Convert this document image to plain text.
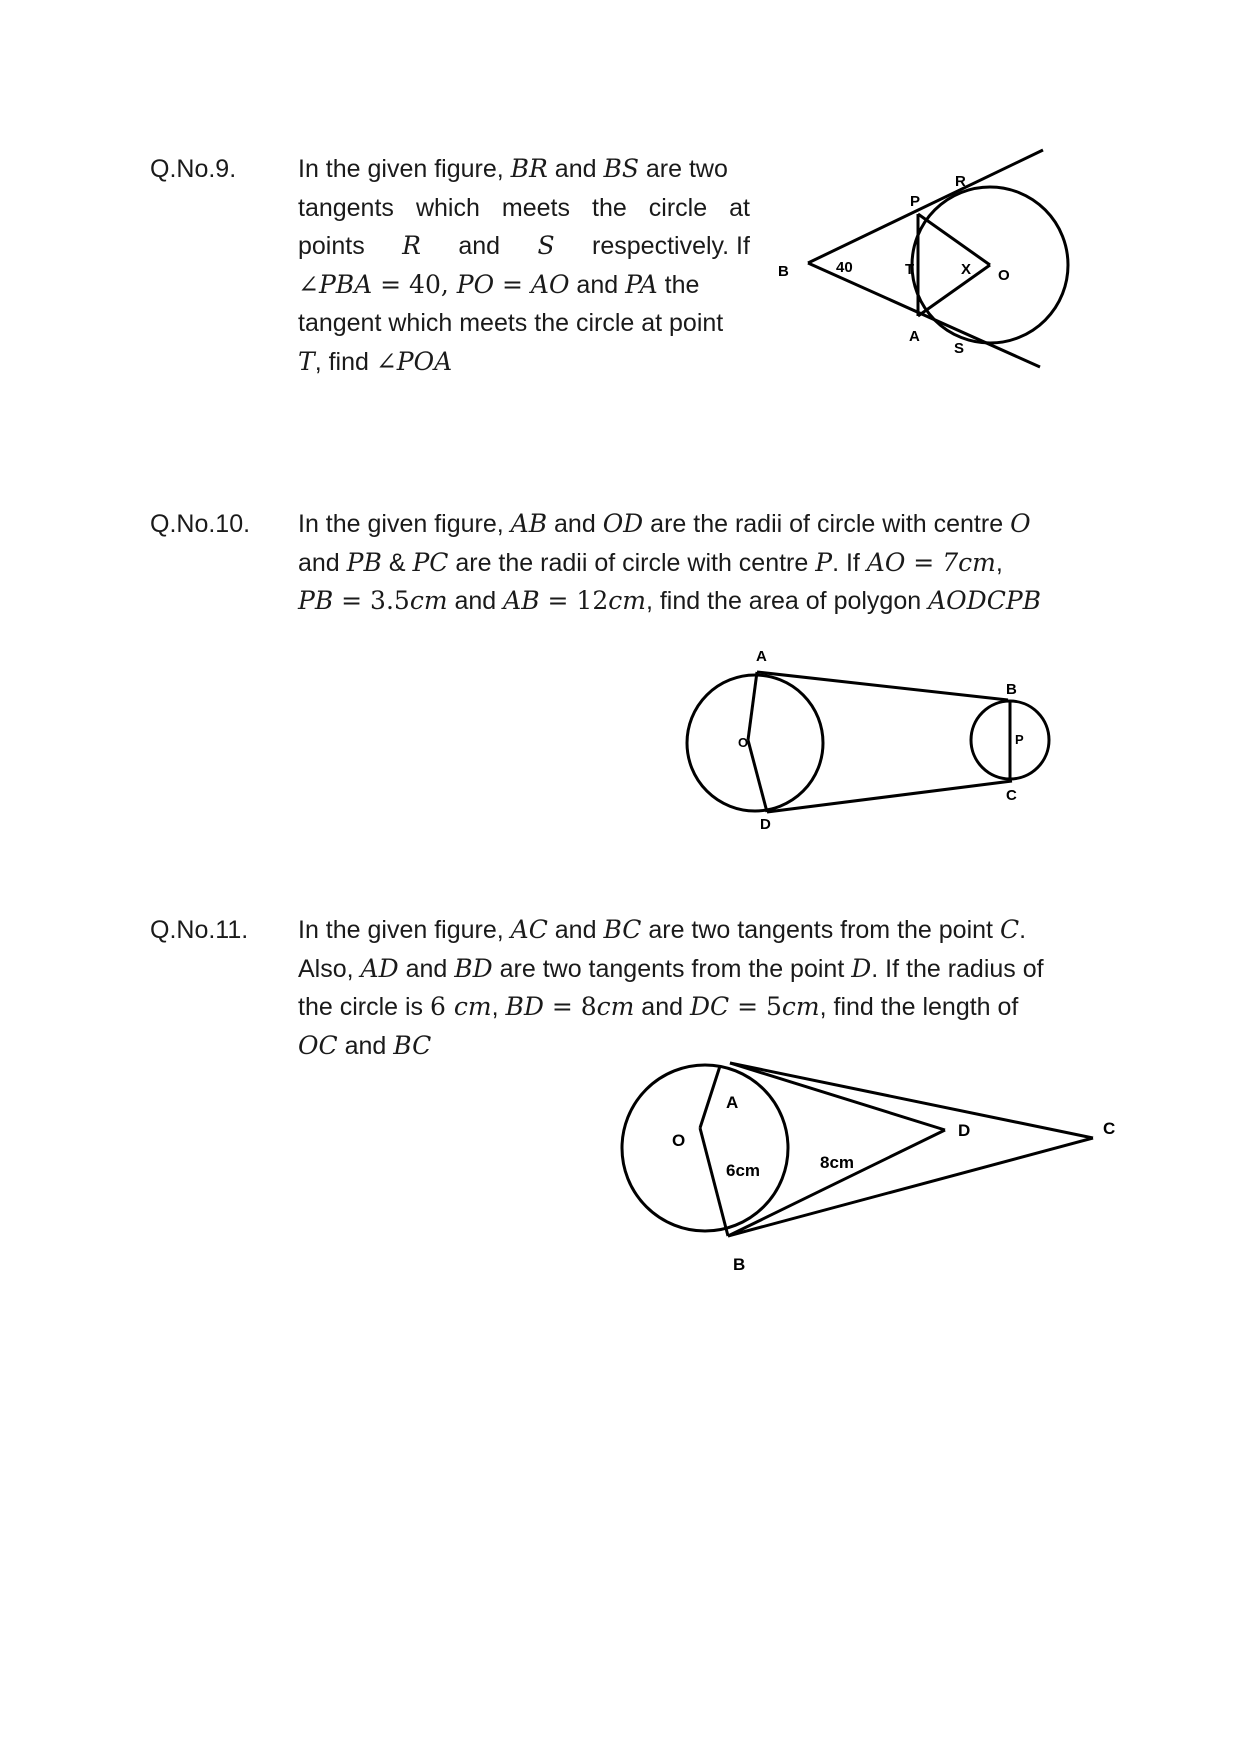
Q.No.9. In the given figure, BR and BS are two
tangents which meets the circle at
points R and S respectively. If
∠PBA = 40, PO = AO and PA the
tangent which meets the circle at point
T, find ∠POA
B	40
P
R
T	X O
A
S
Q.No.10. In the given figure, AB and OD are the radii of circle with centre O
and PB & PC are the radii of circle with centre P. If AO = 7cm,
PB = 3.5cm and AB = 12cm, find the area of polygon AODCPB
A
O
D
B
P
C
Q.No.11. In the given figure, AC and BC are two tangents from the point C.
Also, AD and BD are two tangents from the point D. If the radius of
the circle is 6 cm, BD = 8cm and DC = 5cm, find the length of
OC and BC
A
O
6cm	8cm
D	C
B
